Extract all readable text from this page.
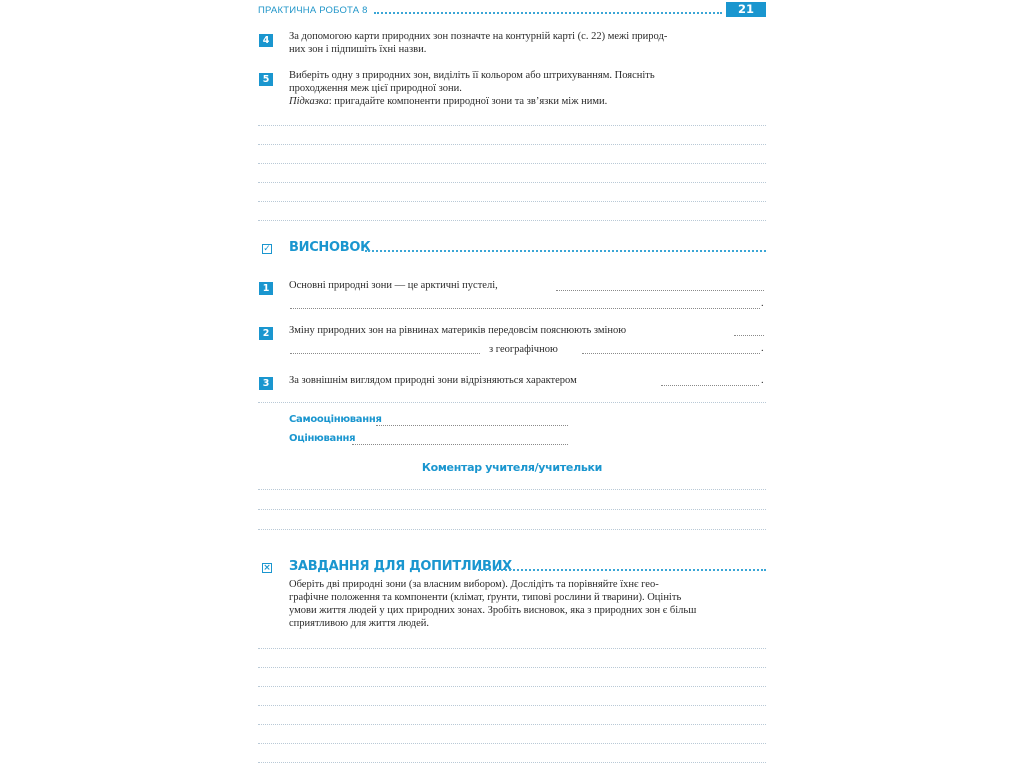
ПРАКТИЧНА РОБОТА 8	21
4	За допомогою карти природних зон позначте на контурній карті (с. 22) межі природ-
них зон і підпишіть їхні назви.
5	Виберіть одну з природних зон, виділіть її кольором або штрихуванням. Поясніть
проходження меж цієї природної зони.
Підказка: пригадайте компоненти природної зони та зв’язки між ними.
✓ ВИСНОВОК
1	Основні природні зони — це арктичні пустелі,
.
2	Зміну природних зон на рівнинах материків передовсім пояснюють зміною
з географічною	.
3	За зовнішнім виглядом природні зони відрізняються характером	.
Самооцінювання
Оцінювання
Коментар учителя/учительки
× ЗАВДАННЯ ДЛЯ ДОПИТЛИВИХ
Оберіть дві природні зони (за власним вибором). Дослідіть та порівняйте їхнє гео-
графічне положення та компоненти (клімат, ґрунти, типові рослини й тварини). Оцініть
умови життя людей у цих природних зонах. Зробіть висновок, яка з природних зон є більш
сприятливою для життя людей.
